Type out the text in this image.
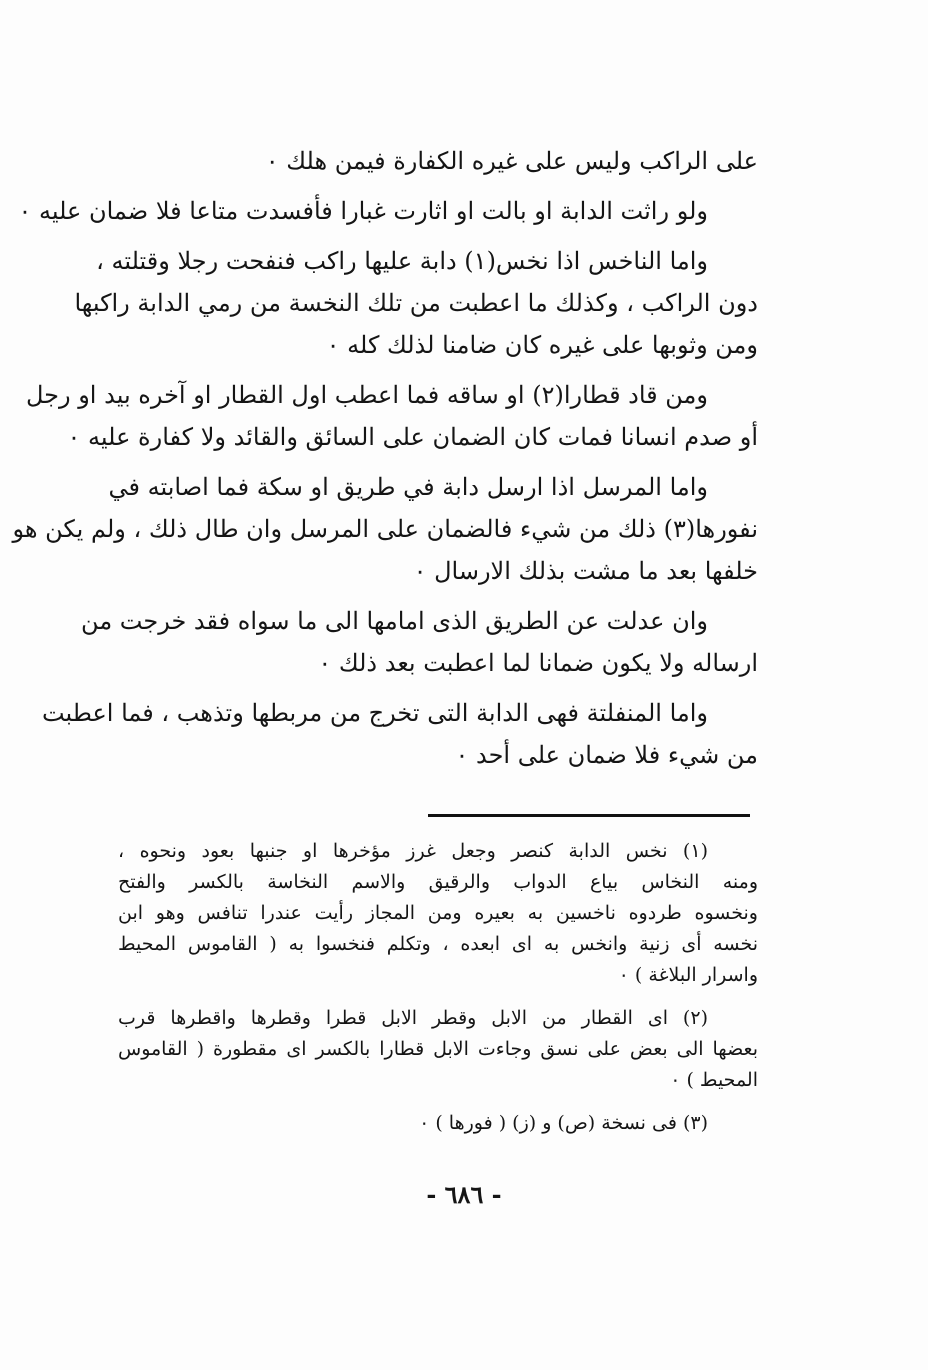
على الراكب وليس على غيره الكفارة فيمن هلك ٠
ولو راثت الدابة او بالت او اثارت غبارا فأفسدت متاعا فلا ضمان عليه ٠
واما الناخس اذا نخس(١) دابة عليها راكب فنفحت رجلا وقتلته ،
دون الراكب ، وكذلك ما اعطبت من تلك النخسة من رمي الدابة راكبها
ومن وثوبها على غيره كان ضامنا لذلك كله ٠
ومن قاد قطارا(٢) او ساقه فما اعطب اول القطار او آخره بيد او رجل
أو صدم انسانا فمات كان الضمان على السائق والقائد ولا كفارة عليه ٠
واما المرسل اذا ارسل دابة في طريق او سكة فما اصابته في
نفورها(٣) ذلك من شيء فالضمان على المرسل وان طال ذلك ، ولم يكن هو
خلفها بعد ما مشت بذلك الارسال ٠
وان عدلت عن الطريق الذى امامها الى ما سواه فقد خرجت من
ارساله ولا يكون ضمانا لما اعطبت بعد ذلك ٠
واما المنفلتة فهى الدابة التى تخرج من مربطها وتذهب ، فما اعطبت
من شيء فلا ضمان على أحد ٠
(١) نخس الدابة كنصر وجعل غرز مؤخرها او جنبها بعود ونحوه ،
ومنه النخاس بياع الدواب والرقيق والاسم النخاسة بالكسر والفتح
ونخسوه طردوه ناخسين به بعيره ومن المجاز رأيت عندرا تنافس وهو ابن
نخسه أى زنية وانخس به اى ابعده ، وتكلم فنخسوا به ( القاموس المحيط
واسرار البلاغة ) ٠
(٢) اى القطار من الابل وقطر الابل قطرا وقطرها واقطرها قرب
بعضها الى بعض على نسق وجاءت الابل قطارا بالكسر اى مقطورة ( القاموس
المحيط ) ٠
(٣) فى نسخة (ص) و (ز) ( فورها ) ٠
- ٦٨٦ -
